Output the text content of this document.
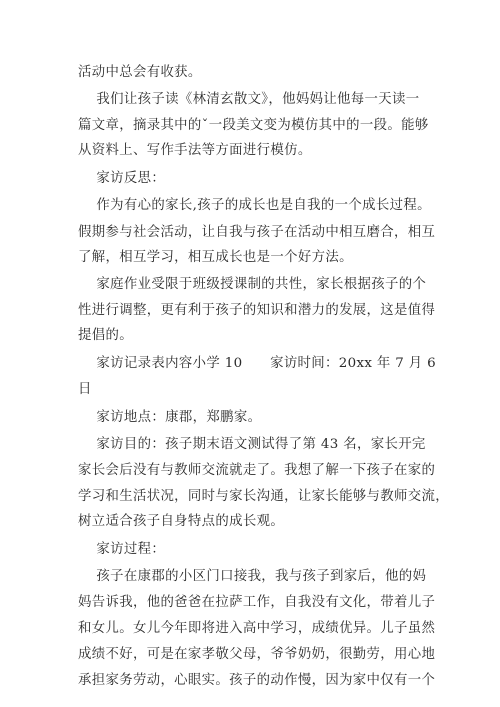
活动中总会有收获。
我们让孩子读《林清玄散文》，他妈妈让他每一天读一
篇文章，摘录其中的ˇ一段美文变为模仿其中的一段。能够
从资料上、写作手法等方面进行模仿。
家访反思：
作为有心的家长,孩子的成长也是自我的一个成长过程。
假期参与社会活动，让自我与孩子在活动中相互磨合，相互
了解，相互学习，相互成长也是一个好方法。
家庭作业受限于班级授课制的共性，家长根据孩子的个
性进行调整，更有利于孩子的知识和潜力的发展，这是值得
提倡的。
家访记录表内容小学 10      家访时间：20xx 年 7 月 6
日
家访地点：康郡，郑鹏家。
家访目的：孩子期末语文测试得了第 43 名，家长开完
家长会后没有与教师交流就走了。我想了解一下孩子在家的
学习和生活状况，同时与家长沟通，让家长能够与教师交流，
树立适合孩子自身特点的成长观。
家访过程：
孩子在康郡的小区门口接我，我与孩子到家后，他的妈
妈告诉我，他的爸爸在拉萨工作，自我没有文化，带着儿子
和女儿。女儿今年即将进入高中学习，成绩优异。儿子虽然
成绩不好，可是在家孝敬父母，爷爷奶奶，很勤劳，用心地
承担家务劳动，心眼实。孩子的动作慢，因为家中仅有一个
